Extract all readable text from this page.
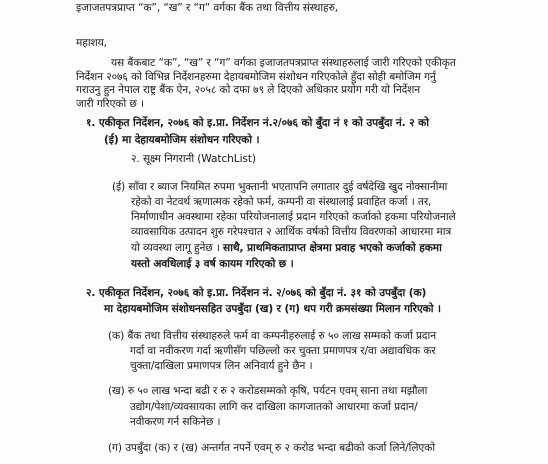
इजाजतपत्रप्राप्त “क”, “ख” र “ग” वर्गका बैंक तथा वित्तीय संस्थाहरु,
महाशय,
यस बैंकबाट “क”, “ख” र “ग” वर्गका इजाजतपत्रप्राप्त संस्थाहरुलाई जारी गरिएको एकीकृत
निर्देशन २०७६ को विभिन्न निर्देशनहरुमा देहायबमोजिम संशोधन गरिएकोले हुँदा सोही बमोजिम गर्नु
गराउनु हुन नेपाल राष्ट्र बैंक ऐन, २०५८ को दफा ७९ ले दिएको अधिकार प्रयोग गरी यो निर्देशन
जारी गरिएको छ ।
१. एकीकृत निर्देशन, २०७६ को इ.प्रा. निर्देशन नं.२/०७६ को बुँदा नं १ को उपबुँदा नं. २ को
(ई) मा देहायबमोजिम संशोधन गरिएको ।
२. सूक्ष्म निगरानी (WatchList)
(ई) साँवा र ब्याज नियमित रुपमा भुक्तानी भएतापनि लगातार दुई वर्षदेखि खुद नोक्सानीमा
रहेको वा नेटवर्थ ऋणात्मक रहेको फर्म, कम्पनी वा संस्थालाई प्रवाहित कर्जा । तर,
निर्माणाधीन अवस्थामा रहेका परियोजनालाई प्रदान गरिएको कर्जाको हकमा परियोजनाले
व्यावसायिक उत्पादन शुरु गरेपश्चात २ आर्थिक वर्षको वित्तीय विवरणको आधारमा मात्र
यो व्यवस्था लागू हुनेछ । साथै, प्राथमिकताप्राप्त क्षेत्रमा प्रवाह भएको कर्जाको हकमा
यस्तो अवधिलाई ३ वर्ष कायम गरिएको छ ।
२. एकीकृत निर्देशन, २०७६ को इ.प्रा. निर्देशन नं. २/०७६ को बुँदा नं. ३१ को उपबुँदा (क)
मा देहायबमोजिम संशोधनसहित उपबुँदा (ख) र (ग) थप गरी क्रमसंख्या मिलान गरिएको ।
(क) बैंक तथा वित्तीय संस्थाहरुले फर्म वा कम्पनीहरुलाई रु ५० लाख सम्मको कर्जा प्रदान
गर्दा वा नवीकरण गर्दा ऋणीसँग पछिल्लो कर चुक्ता प्रमाणपत्र र/वा अद्यावधिक कर
चुक्ता/दाखिला प्रमाणपत्र लिन अनिवार्य हुने छैन ।
(ख) रु ५० लाख भन्दा बढी र रु २ करोडसम्मको कृषि, पर्यटन एवम् साना तथा मझौला
उद्योग/पेशा/व्यवसायका लागि कर दाखिला कागजातको आधारमा कर्जा प्रदान/
नवीकरण गर्न सकिनेछ ।
(ग) उपबुँदा (क) र (ख) अन्तर्गत नपर्ने एवम् रु २ करोड भन्दा बढीको कर्जा लिने/लिएको
